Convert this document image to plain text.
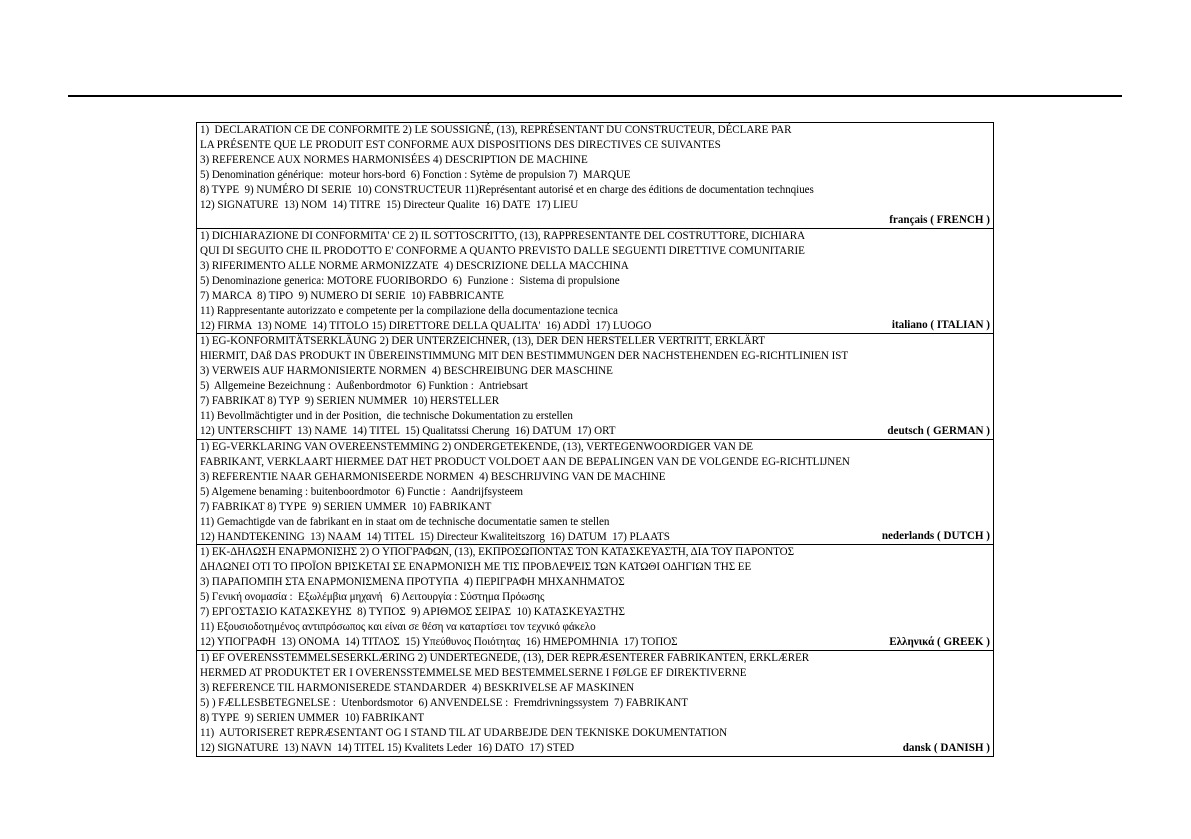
1)  DECLARATION CE DE CONFORMITE 2) LE SOUSSIGNÉ, (13), REPRÉSENTANT DU CONSTRUCTEUR, DÉCLARE PAR
LA PRÉSENTE QUE LE PRODUIT EST CONFORME AUX DISPOSITIONS DES DIRECTIVES CE SUIVANTES
3) REFERENCE AUX NORMES HARMONISÉES 4) DESCRIPTION DE MACHINE
5) Denomination générique:  moteur hors-bord  6) Fonction : Sytème de propulsion 7)  MARQUE
8) TYPE  9) NUMÉRO DI SERIE  10) CONSTRUCTEUR 11)Représentant autorisé et en charge des éditions de documentation technqiues
12) SIGNATURE  13) NOM  14) TITRE  15) Directeur Qualite  16) DATE  17) LIEU
français ( FRENCH )
1) DICHIARAZIONE DI CONFORMITA' CE 2) IL SOTTOSCRITTO, (13), RAPPRESENTANTE DEL COSTRUTTORE, DICHIARA
QUI DI SEGUITO CHE IL PRODOTTO E' CONFORME A QUANTO PREVISTO DALLE SEGUENTI DIRETTIVE COMUNITARIE
3) RIFERIMENTO ALLE NORME ARMONIZZATE  4) DESCRIZIONE DELLA MACCHINA
5) Denominazione generica: MOTORE FUORIBORDO  6)  Funzione :  Sistema di propulsione
7) MARCA  8) TIPO  9) NUMERO DI SERIE  10) FABBRICANTE
11) Rappresentante autorizzato e competente per la compilazione della documentazione tecnica
12) FIRMA  13) NOME  14) TITOLO 15) DIRETTORE DELLA QUALITA'  16) ADDÌ  17) LUOGO	italiano ( ITALIAN )
1) EG-KONFORMITÄTSERKLÄUNG 2) DER UNTERZEICHNER, (13), DER DEN HERSTELLER VERTRITT, ERKLÄRT
HIERMIT, DAß DAS PRODUKT IN ÜBEREINSTIMMUNG MIT DEN BESTIMMUNGEN DER NACHSTEHENDEN EG-RICHTLINIEN IST
3) VERWEIS AUF HARMONISIERTE NORMEN  4) BESCHREIBUNG DER MASCHINE
5)  Allgemeine Bezeichnung :  Außenbordmotor  6) Funktion :  Antriebsart
7) FABRIKAT 8) TYP  9) SERIEN NUMMER  10) HERSTELLER
11) Bevollmächtigter und in der Position,  die technische Dokumentation zu erstellen
12) UNTERSCHIFT  13) NAME  14) TITEL  15) Qualitatssi Cherung  16) DATUM  17) ORT	deutsch ( GERMAN )
1) EG-VERKLARING VAN OVEREENSTEMMING 2) ONDERGETEKENDE, (13), VERTEGENWOORDIGER VAN DE
FABRIKANT, VERKLAART HIERMEE DAT HET PRODUCT VOLDOET AAN DE BEPALINGEN VAN DE VOLGENDE EG-RICHTLIJNEN
3) REFERENTIE NAAR GEHARMONISEERDE NORMEN  4) BESCHRIJVING VAN DE MACHINE
5) Algemene benaming : buitenboordmotor  6) Functie :  Aandrijfsysteem
7) FABRIKAT 8) TYPE  9) SERIEN UMMER  10) FABRIKANT
11) Gemachtigde van de fabrikant en in staat om de technische documentatie samen te stellen
12) HANDTEKENING  13) NAAM  14) TITEL  15) Directeur Kwaliteitszorg  16) DATUM  17) PLAATS	nederlands ( DUTCH )
1) ΕΚ-ΔΗΛΩΣΗ ΕΝΑΡΜΟΝΙΣΗΣ 2) Ο ΥΠΟΓΡΑΦΩΝ, (13), ΕΚΠΡΟΣΩΠΟΝΤΑΣ ΤΟΝ ΚΑΤΑΣΚΕΥΑΣΤΗ, ΔΙΑ ΤΟΥ ΠΑΡΟΝΤΟΣ
ΔΗΛΩΝΕΙ ΟΤΙ ΤΟ ΠΡΟΪΟΝ ΒΡΙΣΚΕΤΑΙ ΣΕ ΕΝΑΡΜΟΝΙΣΗ ΜΕ ΤΙΣ ΠΡΟΒΛΕΨΕΙΣ ΤΩΝ ΚΑΤΩΘΙ ΟΔΗΓΙΩΝ ΤΗΣ ΕΕ
3) ΠΑΡΑΠΟΜΠΗ ΣΤΑ ΕΝΑΡΜΟΝΙΣΜΕΝΑ ΠΡΟΤΥΠΑ  4) ΠΕΡΙΓΡΑΦΗ ΜΗΧΑΝΗΜΑΤΟΣ
5) Γενική ονομασία :  Εξωλέμβια μηχανή   6) Λειτουργία : Σύστημα Πρόωσης
7) ΕΡΓΟΣΤΑΣΙΟ ΚΑΤΑΣΚΕΥΗΣ  8) ΤΥΠΟΣ  9) ΑΡΙΘΜΟΣ ΣΕΙΡΑΣ  10) ΚΑΤΑΣΚΕΥΑΣΤΗΣ
11) Εξουσιοδοτημένος αντιπρόσωπος και είναι σε θέση να καταρτίσει τον τεχνικό φάκελο
12) ΥΠΟΓΡΑΦΗ  13) ΟΝΟΜΑ  14) ΤΙΤΛΟΣ  15) Υπεύθυνος Ποιότητας  16) ΗΜΕΡΟΜΗΝΙΑ  17) ΤΟΠΟΣ	Ελληνικά ( GREEK )
1) EF OVERENSSTEMMELSESERKLÆRING 2) UNDERTEGNEDE, (13), DER REPRÆSENTERER FABRIKANTEN, ERKLÆRER
HERMED AT PRODUKTET ER I OVERENSSTEMMELSE MED BESTEMMELSERNE I FØLGE EF DIREKTIVERNE
3) REFERENCE TIL HARMONISEREDE STANDARDER  4) BESKRIVELSE AF MASKINEN
5) ) FÆLLESBETEGNELSE :  Utenbordsmotor  6) ANVENDELSE :  Fremdrivningssystem  7) FABRIKANT
8) TYPE  9) SERIEN UMMER  10) FABRIKANT
11)  AUTORISERET REPRÆSENTANT OG I STAND TIL AT UDARBEJDE DEN TEKNISKE DOKUMENTATION
12) SIGNATURE  13) NAVN  14) TITEL 15) Kvalitets Leder  16) DATO  17) STED	dansk ( DANISH )
